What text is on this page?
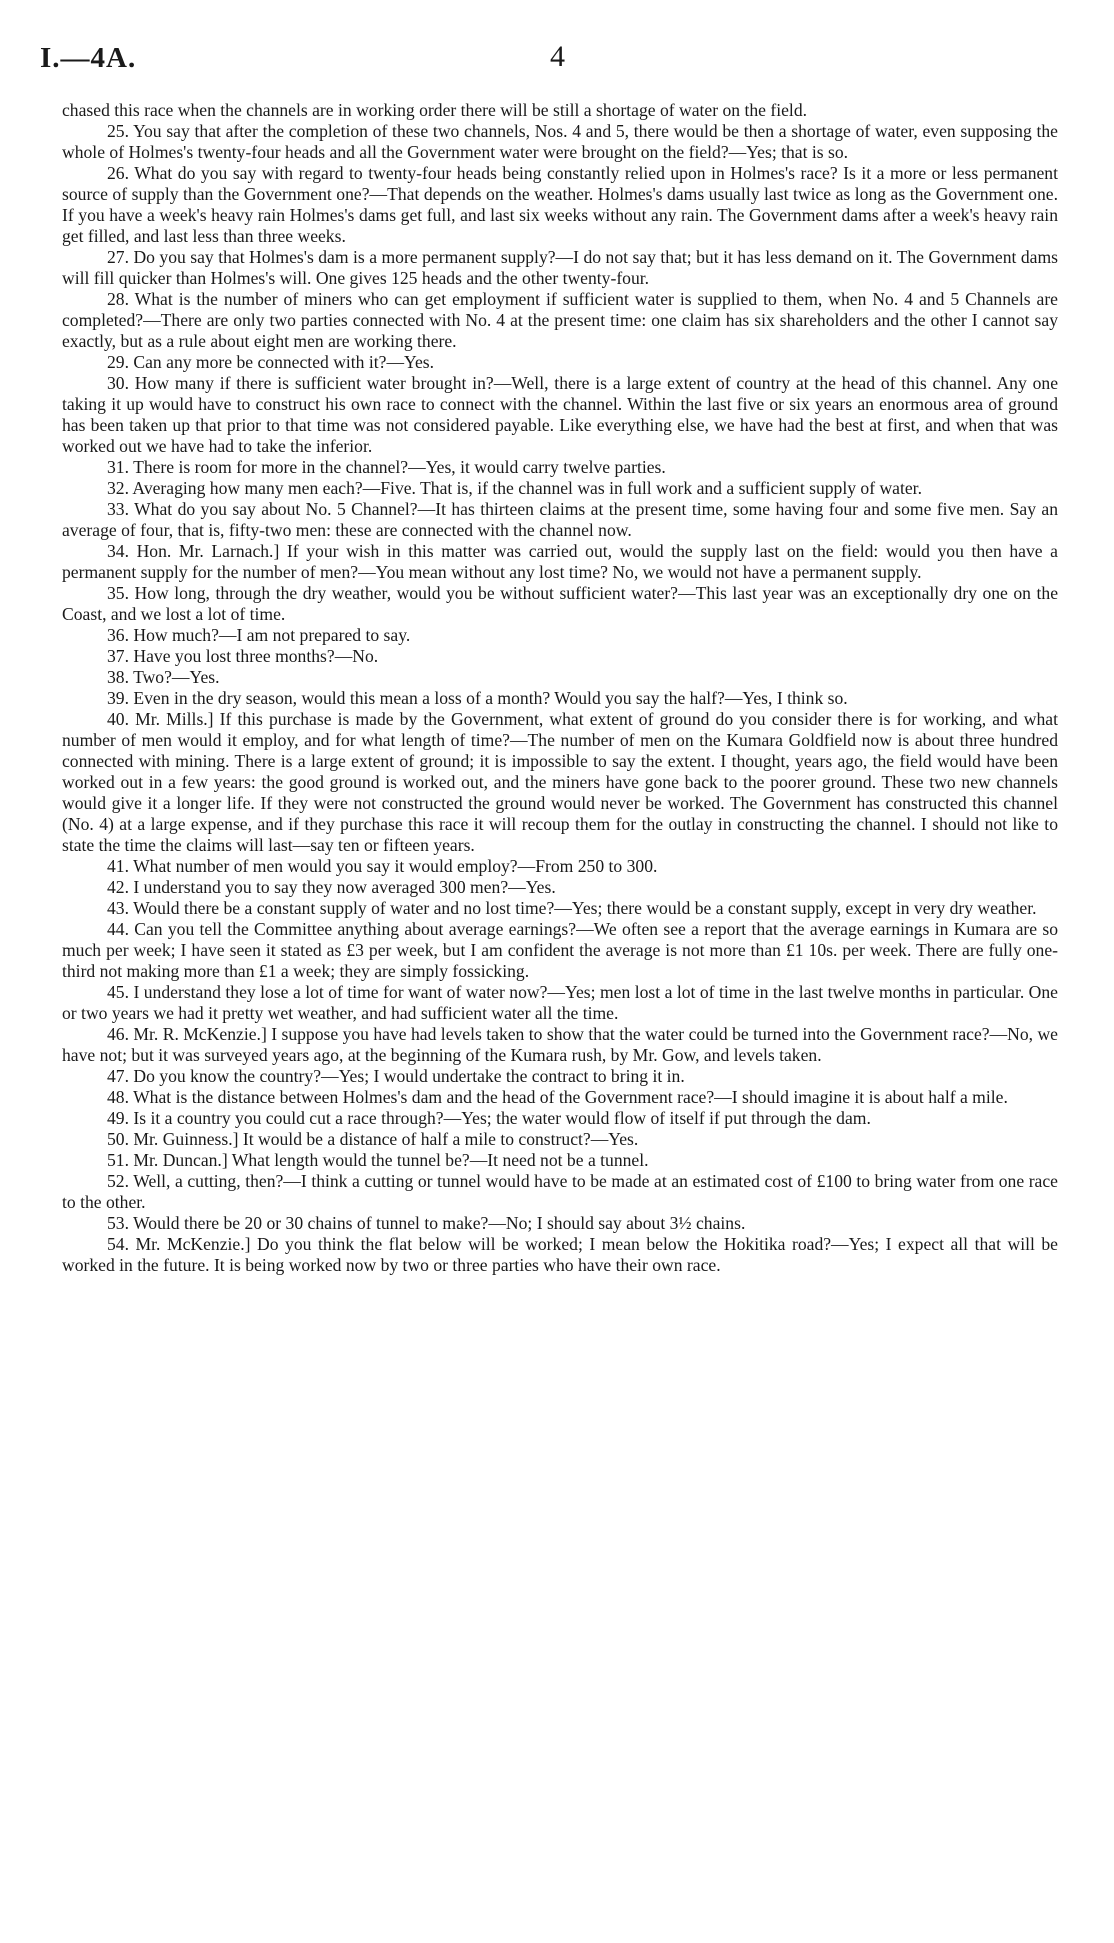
I.—4A.	4

chased this race when the channels are in working order there will be still a shortage of water on the field.

25. You say that after the completion of these two channels, Nos. 4 and 5, there would be then a shortage of water, even supposing the whole of Holmes's twenty-four heads and all the Government water were brought on the field?—Yes; that is so.

26. What do you say with regard to twenty-four heads being constantly relied upon in Holmes's race? Is it a more or less permanent source of supply than the Government one?—That depends on the weather. Holmes's dams usually last twice as long as the Government one. If you have a week's heavy rain Holmes's dams get full, and last six weeks without any rain. The Government dams after a week's heavy rain get filled, and last less than three weeks.

27. Do you say that Holmes's dam is a more permanent supply?—I do not say that; but it has less demand on it. The Government dams will fill quicker than Holmes's will. One gives 125 heads and the other twenty-four.

28. What is the number of miners who can get employment if sufficient water is supplied to them, when No. 4 and 5 Channels are completed?—There are only two parties connected with No. 4 at the present time: one claim has six shareholders and the other I cannot say exactly, but as a rule about eight men are working there.

29. Can any more be connected with it?—Yes.

30. How many if there is sufficient water brought in?—Well, there is a large extent of country at the head of this channel. Any one taking it up would have to construct his own race to connect with the channel. Within the last five or six years an enormous area of ground has been taken up that prior to that time was not considered payable. Like everything else, we have had the best at first, and when that was worked out we have had to take the inferior.

31. There is room for more in the channel?—Yes, it would carry twelve parties.

32. Averaging how many men each?—Five. That is, if the channel was in full work and a sufficient supply of water.

33. What do you say about No. 5 Channel?—It has thirteen claims at the present time, some having four and some five men. Say an average of four, that is, fifty-two men: these are connected with the channel now.

34. Hon. Mr. Larnach.] If your wish in this matter was carried out, would the supply last on the field: would you then have a permanent supply for the number of men?—You mean without any lost time? No, we would not have a permanent supply.

35. How long, through the dry weather, would you be without sufficient water?—This last year was an exceptionally dry one on the Coast, and we lost a lot of time.

36. How much?—I am not prepared to say.

37. Have you lost three months?—No.

38. Two?—Yes.

39. Even in the dry season, would this mean a loss of a month? Would you say the half?—Yes, I think so.

40. Mr. Mills.] If this purchase is made by the Government, what extent of ground do you consider there is for working, and what number of men would it employ, and for what length of time?—The number of men on the Kumara Goldfield now is about three hundred connected with mining. There is a large extent of ground; it is impossible to say the extent. I thought, years ago, the field would have been worked out in a few years: the good ground is worked out, and the miners have gone back to the poorer ground. These two new channels would give it a longer life. If they were not constructed the ground would never be worked. The Government has constructed this channel (No. 4) at a large expense, and if they purchase this race it will recoup them for the outlay in constructing the channel. I should not like to state the time the claims will last—say ten or fifteen years.

41. What number of men would you say it would employ?—From 250 to 300.

42. I understand you to say they now averaged 300 men?—Yes.

43. Would there be a constant supply of water and no lost time?—Yes; there would be a constant supply, except in very dry weather.

44. Can you tell the Committee anything about average earnings?—We often see a report that the average earnings in Kumara are so much per week; I have seen it stated as £3 per week, but I am confident the average is not more than £1 10s. per week. There are fully one-third not making more than £1 a week; they are simply fossicking.

45. I understand they lose a lot of time for want of water now?—Yes; men lost a lot of time in the last twelve months in particular. One or two years we had it pretty wet weather, and had sufficient water all the time.

46. Mr. R. McKenzie.] I suppose you have had levels taken to show that the water could be turned into the Government race?—No, we have not; but it was surveyed years ago, at the beginning of the Kumara rush, by Mr. Gow, and levels taken.

47. Do you know the country?—Yes; I would undertake the contract to bring it in.

48. What is the distance between Holmes's dam and the head of the Government race?—I should imagine it is about half a mile.

49. Is it a country you could cut a race through?—Yes; the water would flow of itself if put through the dam.

50. Mr. Guinness.] It would be a distance of half a mile to construct?—Yes.

51. Mr. Duncan.] What length would the tunnel be?—It need not be a tunnel.

52. Well, a cutting, then?—I think a cutting or tunnel would have to be made at an estimated cost of £100 to bring water from one race to the other.

53. Would there be 20 or 30 chains of tunnel to make?—No; I should say about 3½ chains.

54. Mr. McKenzie.] Do you think the flat below will be worked; I mean below the Hokitika road?—Yes; I expect all that will be worked in the future. It is being worked now by two or three parties who have their own race.
